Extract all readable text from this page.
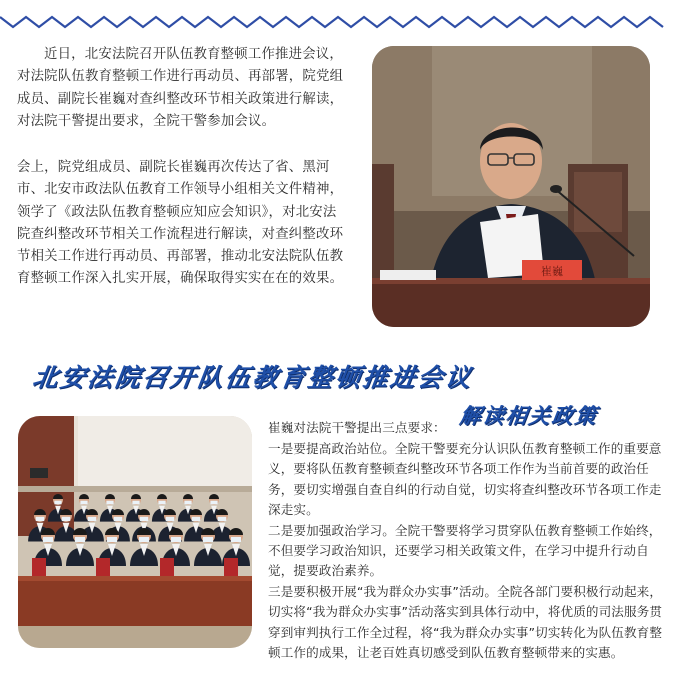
近日，北安法院召开队伍教育整顿工作推进会议，对法院队伍教育整顿工作进行再动员、再部署，院党组成员、副院长崔巍对查纠整改环节相关政策进行解读，对法院干警提出要求，全院干警参加会议。

会上，院党组成员、副院长崔巍再次传达了省、黑河市、北安市政法队伍教育工作领导小组相关文件精神，领学了《政法队伍教育整顿应知应会知识》，对北安法院查纠整改环节相关工作流程进行解读，对查纠整改环节相关工作进行再动员、再部署，推动北安法院队伍教育整顿工作深入扎实开展，确保取得实实在在的效果。	崔巍

北安法院召开队伍教育整顿推进会议

解读相关政策

崔巍对法院干警提出三点要求：

一是要提高政治站位。全院干警要充分认识队伍教育整顿工作的重要意义，要将队伍教育整顿查纠整改环节各项工作作为当前首要的政治任务，要切实增强自查自纠的行动自觉，切实将查纠整改环节各项工作走深走实。

二是要加强政治学习。全院干警要将学习贯穿队伍教育整顿工作始终，不但要学习政治知识，还要学习相关政策文件，在学习中提升行动自觉，提要政治素养。

三是要积极开展“我为群众办实事”活动。全院各部门要积极行动起来，切实将“我为群众办实事”活动落实到具体行动中，将优质的司法服务贯穿到审判执行工作全过程，将“我为群众办实事”切实转化为队伍教育整顿工作的成果，让老百姓真切感受到队伍教育整顿带来的实惠。
